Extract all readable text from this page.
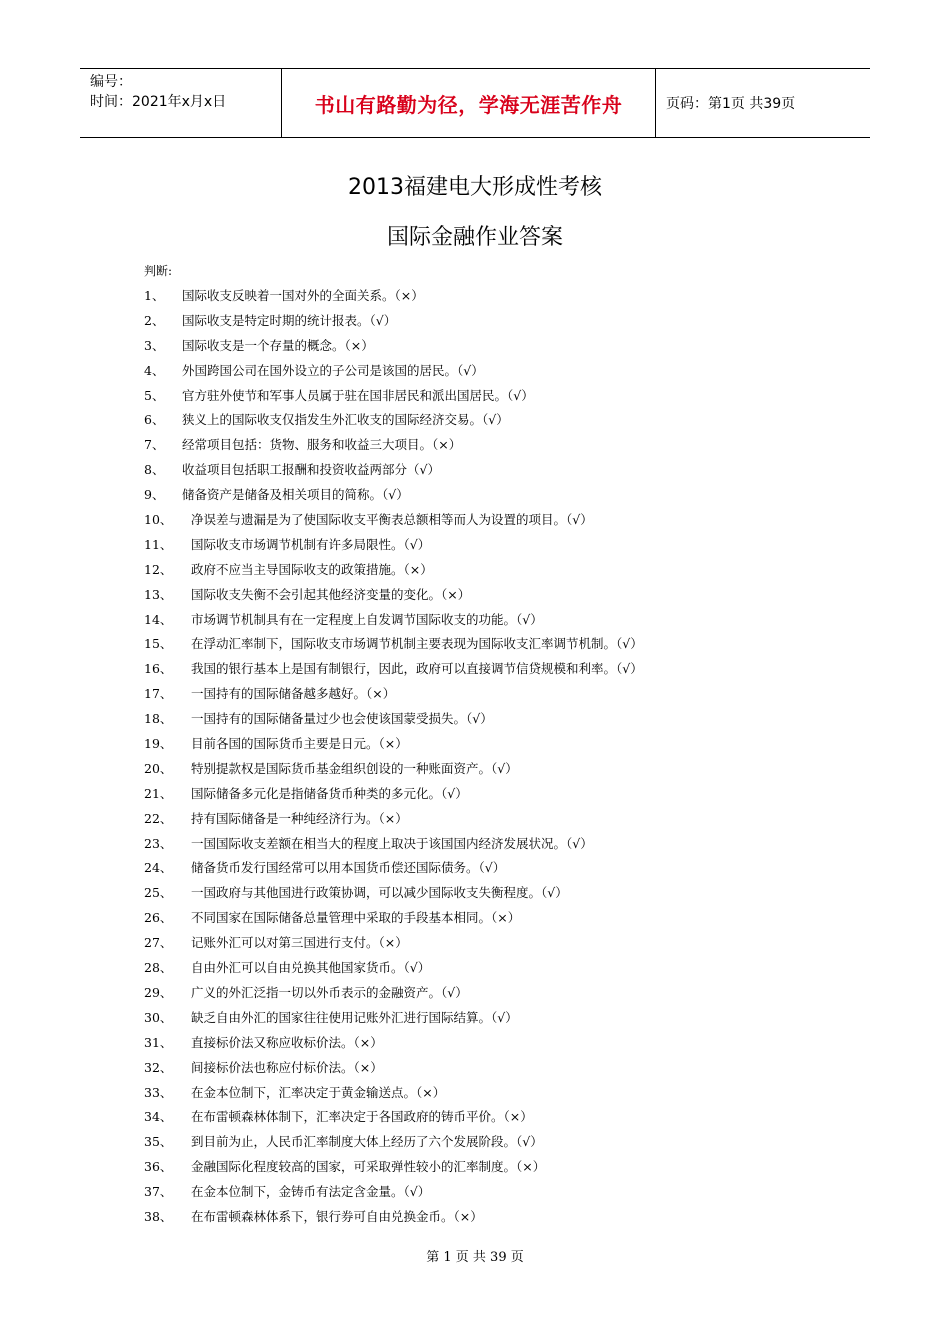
编号：
时间：2021年x月x日	书山有路勤为径，学海无涯苦作舟	页码：第1页 共39页
2013福建电大形成性考核
国际金融作业答案
判断:
1、	国际收支反映着一国对外的全面关系。（×）
2、	国际收支是特定时期的统计报表。（√）
3、	国际收支是一个存量的概念。（×）
4、	外国跨国公司在国外设立的子公司是该国的居民。（√）
5、	官方驻外使节和军事人员属于驻在国非居民和派出国居民。（√）
6、	狭义上的国际收支仅指发生外汇收支的国际经济交易。（√）
7、	经常项目包括：货物、服务和收益三大项目。（×）
8、	收益项目包括职工报酬和投资收益两部分（√）
9、	储备资产是储备及相关项目的简称。（√）
10、	净误差与遗漏是为了使国际收支平衡表总额相等而人为设置的项目。（√）
11、	国际收支市场调节机制有许多局限性。（√）
12、	政府不应当主导国际收支的政策措施。（×）
13、	国际收支失衡不会引起其他经济变量的变化。（×）
14、	市场调节机制具有在一定程度上自发调节国际收支的功能。（√）
15、	在浮动汇率制下，国际收支市场调节机制主要表现为国际收支汇率调节机制。（√）
16、	我国的银行基本上是国有制银行，因此，政府可以直接调节信贷规模和利率。（√）
17、	一国持有的国际储备越多越好。（×）
18、	一国持有的国际储备量过少也会使该国蒙受损失。（√）
19、	目前各国的国际货币主要是日元。（×）
20、	特别提款权是国际货币基金组织创设的一种账面资产。（√）
21、	国际储备多元化是指储备货币种类的多元化。（√）
22、	持有国际储备是一种纯经济行为。（×）
23、	一国国际收支差额在相当大的程度上取决于该国国内经济发展状况。（√）
24、	储备货币发行国经常可以用本国货币偿还国际债务。（√）
25、	一国政府与其他国进行政策协调，可以减少国际收支失衡程度。（√）
26、	不同国家在国际储备总量管理中采取的手段基本相同。（×）
27、	记账外汇可以对第三国进行支付。（×）
28、	自由外汇可以自由兑换其他国家货币。（√）
29、	广义的外汇泛指一切以外币表示的金融资产。（√）
30、	缺乏自由外汇的国家往往使用记账外汇进行国际结算。（√）
31、	直接标价法又称应收标价法。（×）
32、	间接标价法也称应付标价法。（×）
33、	在金本位制下，汇率决定于黄金输送点。（×）
34、	在布雷顿森林体制下，汇率决定于各国政府的铸币平价。（×）
35、	到目前为止，人民币汇率制度大体上经历了六个发展阶段。（√）
36、	金融国际化程度较高的国家，可采取弹性较小的汇率制度。（×）
37、	在金本位制下，金铸币有法定含金量。（√）
38、	在布雷顿森林体系下，银行券可自由兑换金币。（×）
第 1 页 共 39 页
